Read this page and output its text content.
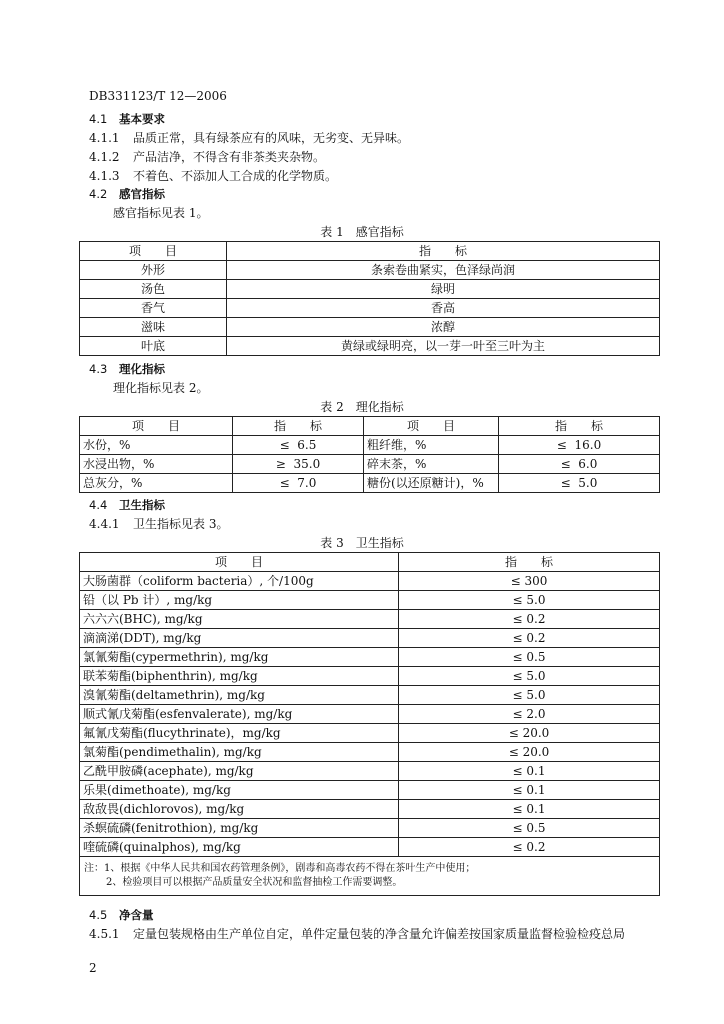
DB331123/T 12—2006
4.1 基本要求
4.1.1 品质正常，具有绿茶应有的风味，无劣变、无异味。
4.1.2 产品洁净，不得含有非茶类夹杂物。
4.1.3 不着色、不添加人工合成的化学物质。
4.2 感官指标
感官指标见表 1。
表 1　感官指标
项　　目	指　　标
外形	条索卷曲紧实，色泽绿尚润
汤色	绿明
香气	香高
滋味	浓醇
叶底	黄绿或绿明亮，以一芽一叶至三叶为主
4.3 理化指标
理化指标见表 2。
表 2　理化指标
项　　目	指　　标	项　　目	指　　标
水份，%	≤ 6.5	粗纤维，%	≤ 16.0
水浸出物，%	≥ 35.0	碎末茶，%	≤ 6.0
总灰分，%	≤ 7.0	糖份(以还原糖计)，%	≤ 5.0
4.4 卫生指标
4.4.1 卫生指标见表 3。
表 3　卫生指标
项　　目	指　　标
大肠菌群（coliform bacteria）, 个/100g	≤ 300
铅（以 Pb 计）, mg/kg	≤ 5.0
六六六(BHC), mg/kg	≤ 0.2
滴滴涕(DDT), mg/kg	≤ 0.2
氯氰菊酯(cypermethrin), mg/kg	≤ 0.5
联苯菊酯(biphenthrin), mg/kg	≤ 5.0
溴氰菊酯(deltamethrin), mg/kg	≤ 5.0
顺式氰戊菊酯(esfenvalerate), mg/kg	≤ 2.0
氟氰戊菊酯(flucythrinate)，mg/kg	≤ 20.0
氯菊酯(pendimethalin), mg/kg	≤ 20.0
乙酰甲胺磷(acephate), mg/kg	≤ 0.1
乐果(dimethoate), mg/kg	≤ 0.1
敌敌畏(dichlorovos), mg/kg	≤ 0.1
杀螟硫磷(fenitrothion), mg/kg	≤ 0.5
喹硫磷(quinalphos), mg/kg	≤ 0.2

注：1、根据《中华人民共和国农药管理条例》，剧毒和高毒农药不得在茶叶生产中使用；
2、检验项目可以根据产品质量安全状况和监督抽检工作需要调整。	
4.5 净含量
4.5.1 定量包装规格由生产单位自定，单件定量包装的净含量允许偏差按国家质量监督检验检疫总局
2
